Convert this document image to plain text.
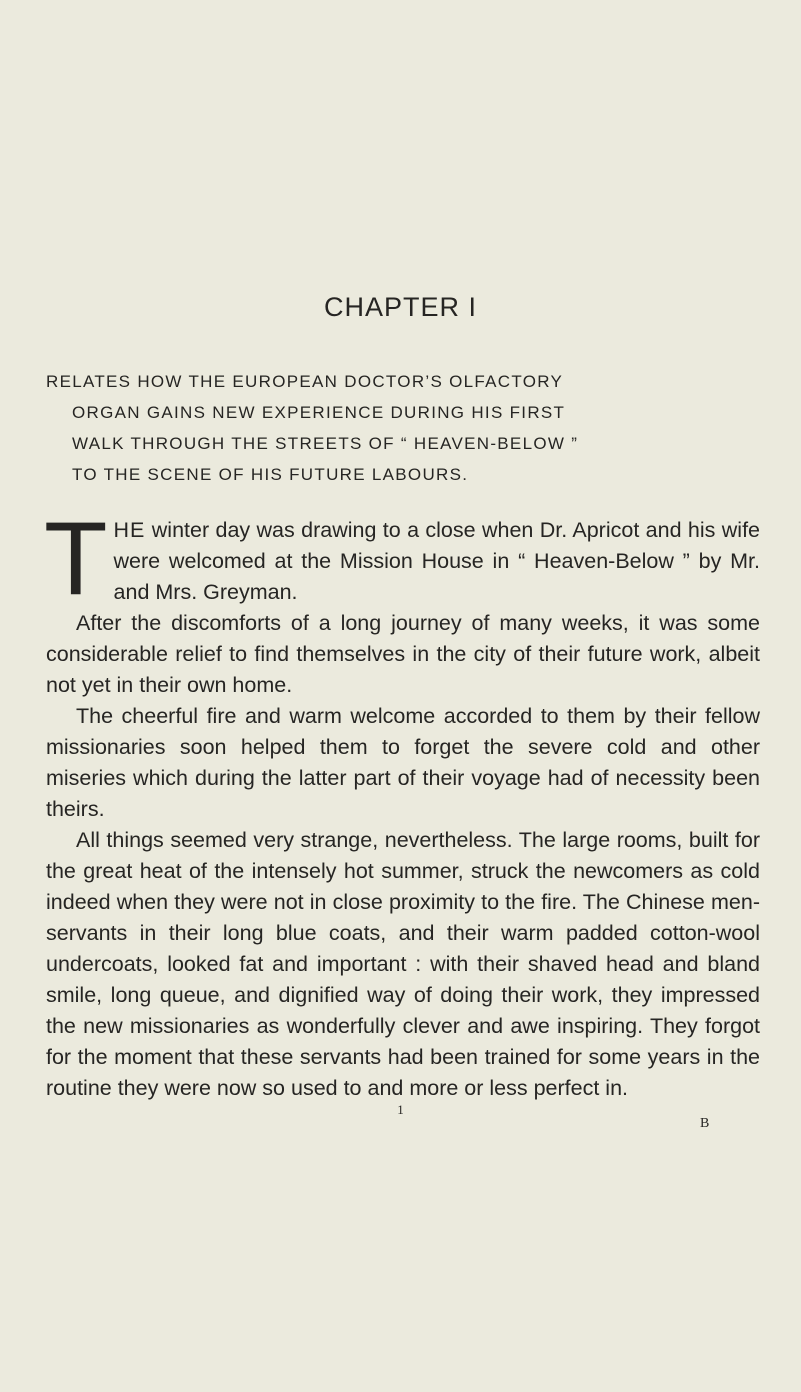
CHAPTER I

RELATES HOW THE EUROPEAN DOCTOR’S OLFACTORY
ORGAN GAINS NEW EXPERIENCE DURING HIS FIRST
WALK THROUGH THE STREETS OF “ HEAVEN-BELOW ”
TO THE SCENE OF HIS FUTURE LABOURS.

THE winter day was drawing to a close when Dr. Apricot and his wife were welcomed at the Mission House in “ Heaven-Below ” by Mr. and Mrs. Greyman.

After the discomforts of a long journey of many weeks, it was some considerable relief to find themselves in the city of their future work, albeit not yet in their own home.

The cheerful fire and warm welcome accorded to them by their fellow missionaries soon helped them to forget the severe cold and other miseries which during the latter part of their voyage had of necessity been theirs.

All things seemed very strange, nevertheless. The large rooms, built for the great heat of the intensely hot summer, struck the newcomers as cold indeed when they were not in close proximity to the fire. The Chinese men-servants in their long blue coats, and their warm padded cotton-wool undercoats, looked fat and important : with their shaved head and bland smile, long queue, and dignified way of doing their work, they impressed the new missionaries as wonderfully clever and awe inspiring. They forgot for the moment that these servants had been trained for some years in the routine they were now so used to and more or less perfect in.

1
B
